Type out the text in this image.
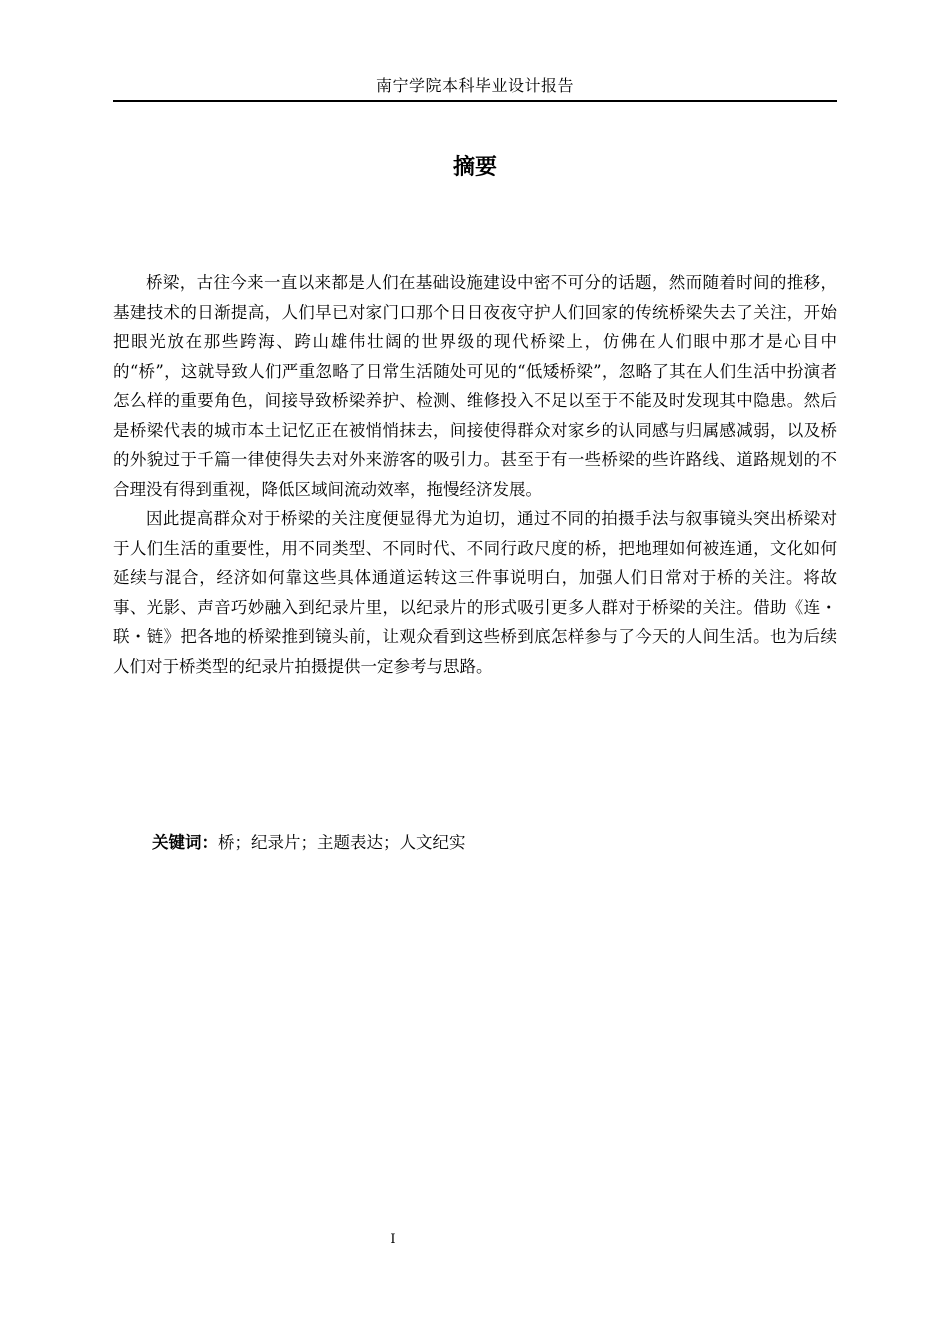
南宁学院本科毕业设计报告
摘要

桥梁，古往今来一直以来都是人们在基础设施建设中密不可分的话题，然而随着时间的推移，基建技术的日渐提高，人们早已对家门口那个日日夜夜守护人们回家的传统桥梁失去了关注，开始把眼光放在那些跨海、跨山雄伟壮阔的世界级的现代桥梁上，仿佛在人们眼中那才是心目中的“桥”，这就导致人们严重忽略了日常生活随处可见的“低矮桥梁”，忽略了其在人们生活中扮演者怎么样的重要角色，间接导致桥梁养护、检测、维修投入不足以至于不能及时发现其中隐患。然后是桥梁代表的城市本土记忆正在被悄悄抹去，间接使得群众对家乡的认同感与归属感减弱，以及桥的外貌过于千篇一律使得失去对外来游客的吸引力。甚至于有一些桥梁的些许路线、道路规划的不合理没有得到重视，降低区域间流动效率，拖慢经济发展。

因此提高群众对于桥梁的关注度便显得尤为迫切，通过不同的拍摄手法与叙事镜头突出桥梁对于人们生活的重要性，用不同类型、不同时代、不同行政尺度的桥，把地理如何被连通，文化如何延续与混合，经济如何靠这些具体通道运转这三件事说明白，加强人们日常对于桥的关注。将故事、光影、声音巧妙融入到纪录片里，以纪录片的形式吸引更多人群对于桥梁的关注。借助《连・联・链》把各地的桥梁推到镜头前，让观众看到这些桥到底怎样参与了今天的人间生活。也为后续人们对于桥类型的纪录片拍摄提供一定参考与思路。

关键词：桥；纪录片；主题表达；人文纪实
I
